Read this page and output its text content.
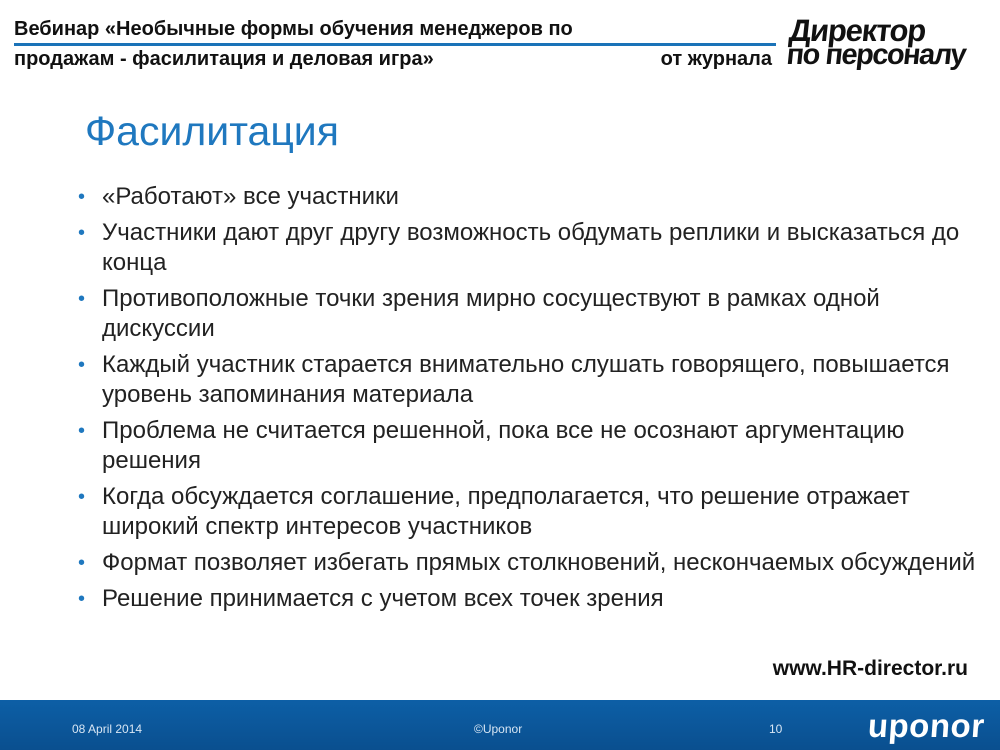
Вебинар «Необычные формы обучения менеджеров по
продажам - фасилитация и деловая игра»	от журнала
Директор
по персоналу
Фасилитация
• «Работают» все участники
• Участники дают друг другу возможность обдумать реплики и высказаться до конца
• Противоположные точки зрения мирно сосуществуют в рамках одной дискуссии
• Каждый участник старается внимательно слушать говорящего, повышается уровень запоминания материала
• Проблема не считается решенной, пока все не осознают аргументацию решения
• Когда обсуждается соглашение, предполагается, что решение отражает широкий спектр интересов участников
• Формат позволяет избегать прямых столкновений, нескончаемых обсуждений
• Решение принимается с учетом всех точек зрения
www.HR-director.ru
08 April 2014	©Uponor	10	uponor
